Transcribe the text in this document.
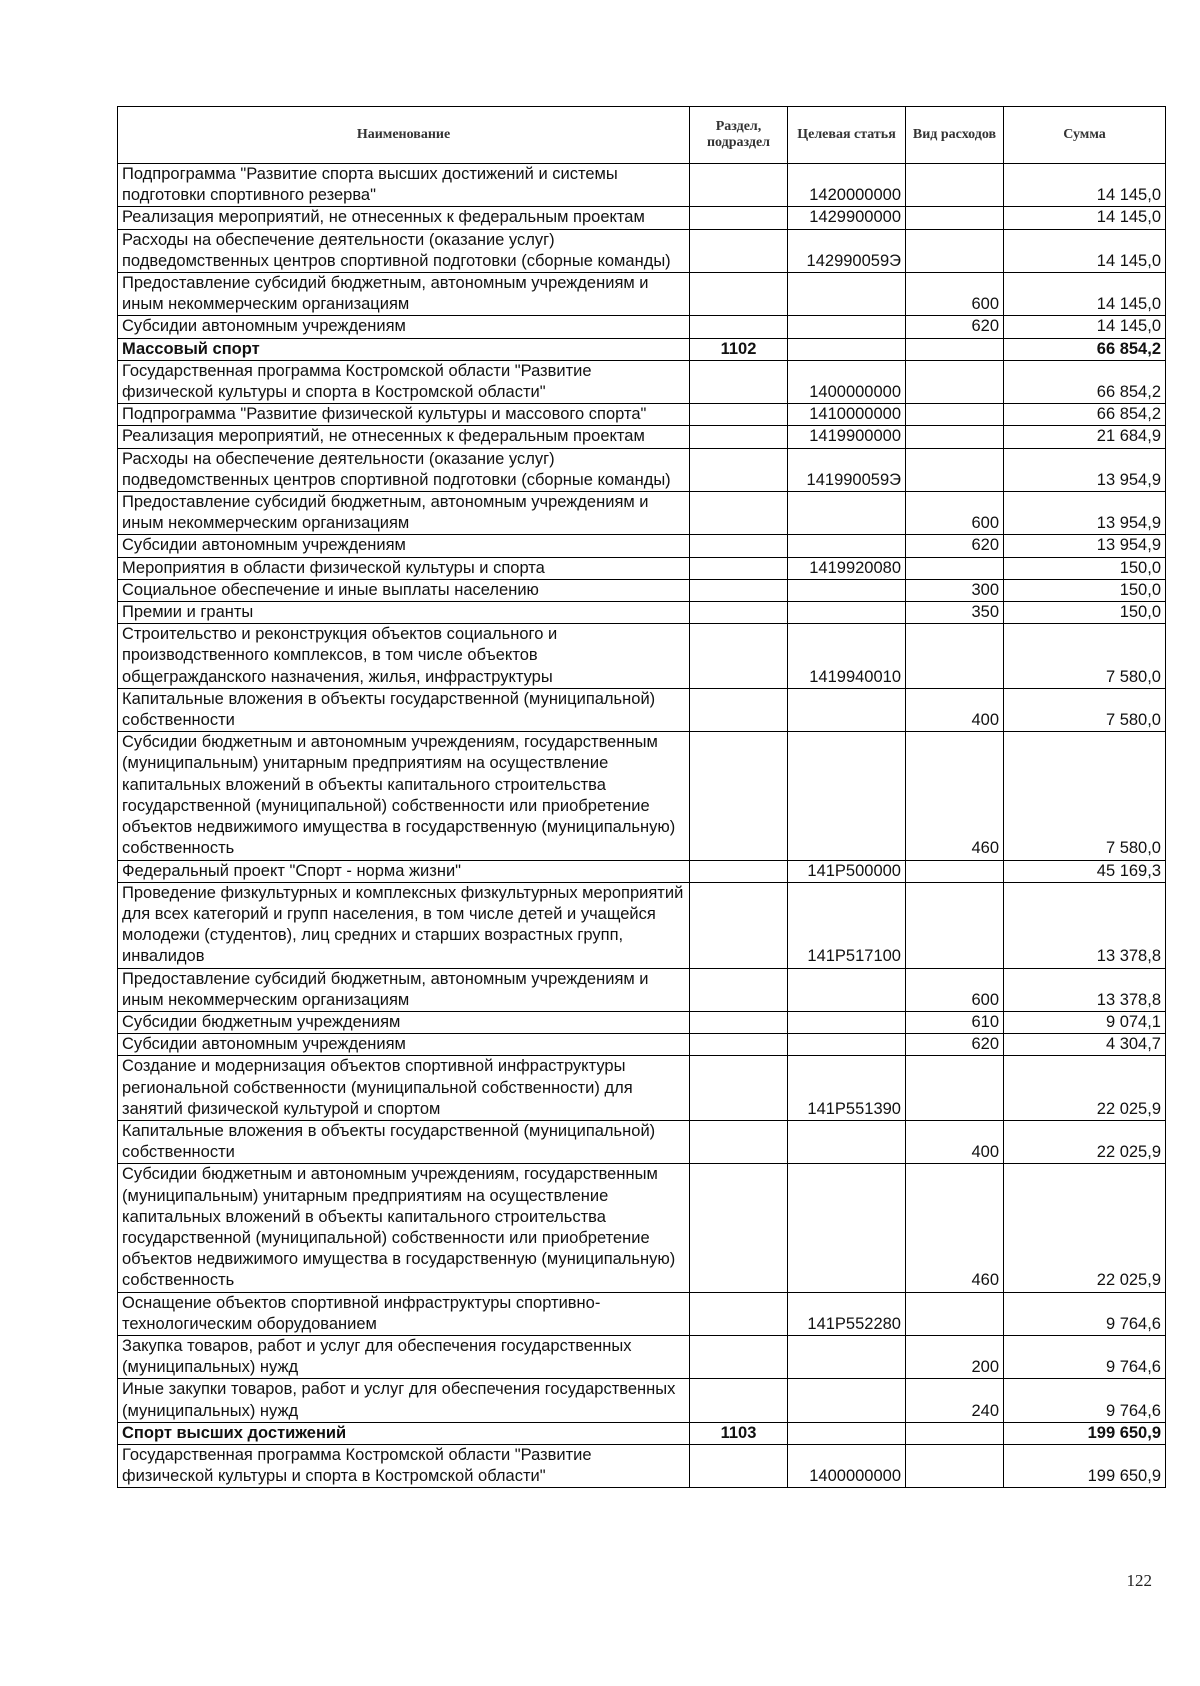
Наименование	Раздел, подраздел	Целевая статья	Вид расходов	Сумма
Подпрограмма "Развитие спорта высших достижений и системы подготовки спортивного резерва"		1420000000		14 145,0
Реализация мероприятий, не отнесенных к федеральным проектам		1429900000		14 145,0
Расходы на обеспечение деятельности (оказание услуг) подведомственных центров спортивной подготовки (сборные команды)		142990059Э		14 145,0
Предоставление субсидий бюджетным, автономным учреждениям и иным некоммерческим организациям			600	14 145,0
Субсидии автономным учреждениям			620	14 145,0
Массовый спорт	1102			66 854,2
Государственная программа Костромской области "Развитие физической культуры и спорта в Костромской области"		1400000000		66 854,2
Подпрограмма "Развитие физической культуры и массового спорта"		1410000000		66 854,2
Реализация мероприятий, не отнесенных к федеральным проектам		1419900000		21 684,9
Расходы на обеспечение деятельности (оказание услуг) подведомственных центров спортивной подготовки (сборные команды)		141990059Э		13 954,9
Предоставление субсидий бюджетным, автономным учреждениям и иным некоммерческим организациям			600	13 954,9
Субсидии автономным учреждениям			620	13 954,9
Мероприятия в области физической культуры и спорта		1419920080		150,0
Социальное обеспечение и иные выплаты населению			300	150,0
Премии и гранты			350	150,0
Строительство и реконструкция объектов социального и производственного комплексов, в том числе объектов общегражданского назначения, жилья, инфраструктуры		1419940010		7 580,0
Капитальные вложения в объекты государственной (муниципальной) собственности			400	7 580,0
Субсидии бюджетным и автономным учреждениям, государственным (муниципальным) унитарным предприятиям на осуществление капитальных вложений в объекты капитального строительства государственной (муниципальной) собственности или приобретение объектов недвижимого имущества в государственную (муниципальную) собственность			460	7 580,0
Федеральный проект "Спорт - норма жизни"		141P500000		45 169,3
Проведение физкультурных и комплексных физкультурных мероприятий для всех категорий и групп населения, в том числе детей и учащейся молодежи (студентов), лиц средних и старших возрастных групп, инвалидов		141P517100		13 378,8
Предоставление субсидий бюджетным, автономным учреждениям и иным некоммерческим организациям			600	13 378,8
Субсидии бюджетным учреждениям			610	9 074,1
Субсидии автономным учреждениям			620	4 304,7
Создание и модернизация объектов спортивной инфраструктуры региональной собственности (муниципальной собственности) для занятий физической культурой и спортом		141P551390		22 025,9
Капитальные вложения в объекты государственной (муниципальной) собственности			400	22 025,9
Субсидии бюджетным и автономным учреждениям, государственным (муниципальным) унитарным предприятиям на осуществление капитальных вложений в объекты капитального строительства государственной (муниципальной) собственности или приобретение объектов недвижимого имущества в государственную (муниципальную) собственность			460	22 025,9
Оснащение объектов спортивной инфраструктуры спортивно-технологическим оборудованием		141P552280		9 764,6
Закупка товаров, работ и услуг для обеспечения государственных (муниципальных) нужд			200	9 764,6
Иные закупки товаров, работ и услуг для обеспечения государственных (муниципальных) нужд			240	9 764,6
Спорт высших достижений	1103			199 650,9
Государственная программа Костромской области "Развитие физической культуры и спорта в Костромской области"		1400000000		199 650,9
122
